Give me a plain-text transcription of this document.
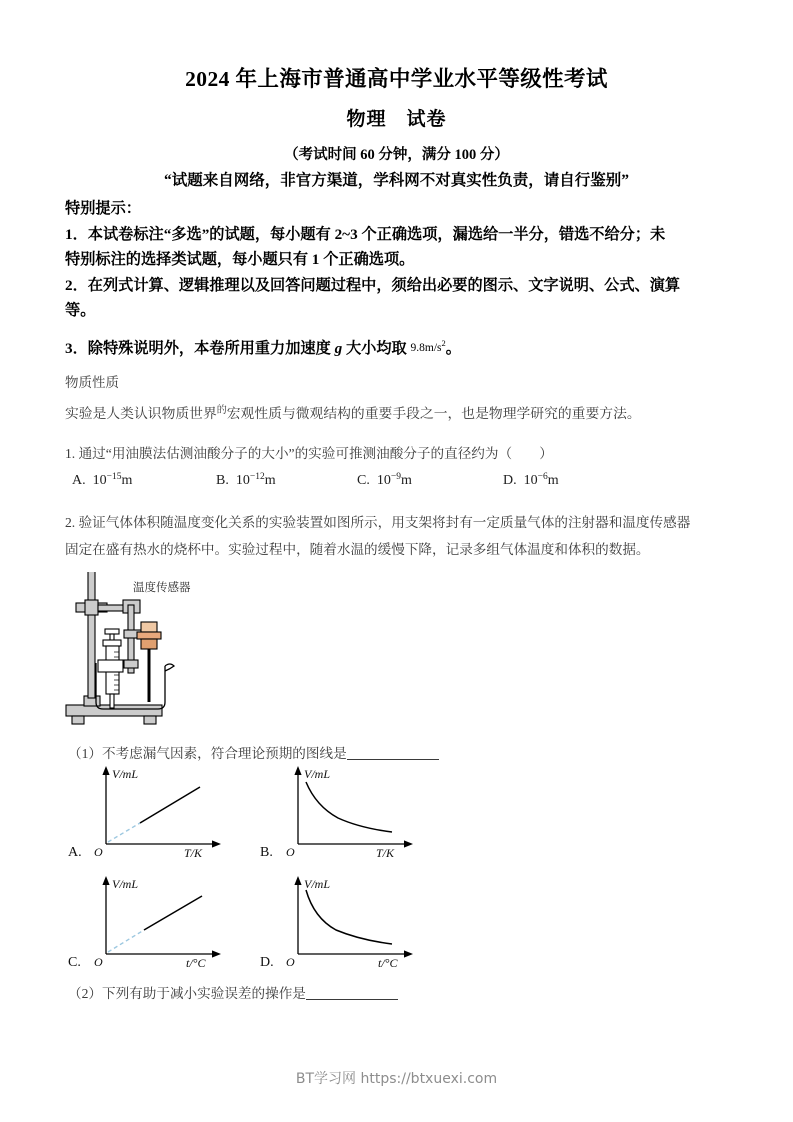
2024 年上海市普通高中学业水平等级性考试
物理　试卷
（考试时间 60 分钟，满分 100 分）
“试题来自网络，非官方渠道，学科网不对真实性负责，请自行鉴别”
特别提示：
1．本试卷标注“多选”的试题，每小题有 2~3 个正确选项，漏选给一半分，错选不给分；未
特别标注的选择类试题，每小题只有 1 个正确选项。
2．在列式计算、逻辑推理以及回答问题过程中，须给出必要的图示、文字说明、公式、演算
等。
3．除特殊说明外，本卷所用重力加速度 g 大小均取 $9.8m/s^2$。
物质性质
实验是人类认识物质世界$^的$宏观性质与微观结构的重要手段之一，也是物理学研究的重要方法。
1. 通过“用油膜法估测油酸分子的大小”的实验可推测油酸分子的直径约为（　　）
A. $10^{-15}m$	B. $10^{-12}m$	C. $10^{-9}m$	D. $10^{-6}m$
2. 验证气体体积随温度变化关系的实验装置如图所示，用支架将封有一定质量气体的注射器和温度传感器
固定在盛有热水的烧杯中。实验过程中，随着水温的缓慢下降，记录多组气体温度和体积的数据。
温度传感器
（1）不考虑漏气因素，符合理论预期的图线是
A.
V/mL
O	T/K	B.
V/mL
O	T/K
C.
V/mL
O	t/°C	D.
V/mL
O	t/°C
（2）下列有助于减小实验误差的操作是
BT学习网 https://btxuexi.com
